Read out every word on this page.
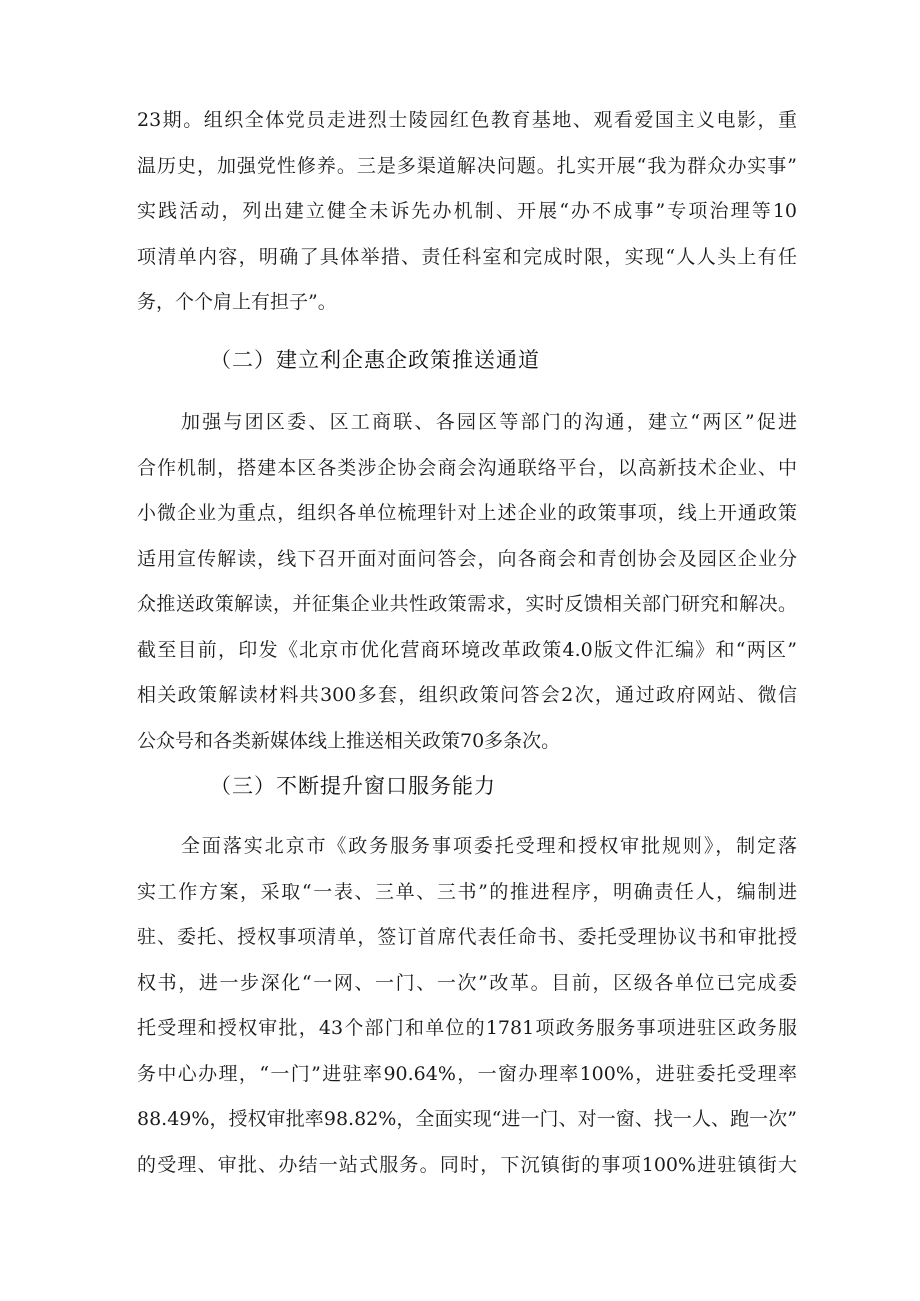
23期。组织全体党员走进烈士陵园红色教育基地、观看爱国主义电影，重
温历史，加强党性修养。三是多渠道解决问题。扎实开展“我为群众办实事”
实践活动，列出建立健全未诉先办机制、开展“办不成事”专项治理等10
项清单内容，明确了具体举措、责任科室和完成时限，实现“人人头上有任
务，个个肩上有担子”。
（二）建立利企惠企政策推送通道
加强与团区委、区工商联、各园区等部门的沟通，建立“两区”促进
合作机制，搭建本区各类涉企协会商会沟通联络平台，以高新技术企业、中
小微企业为重点，组织各单位梳理针对上述企业的政策事项，线上开通政策
适用宣传解读，线下召开面对面问答会，向各商会和青创协会及园区企业分
众推送政策解读，并征集企业共性政策需求，实时反馈相关部门研究和解决。
截至目前，印发《北京市优化营商环境改革政策4.0版文件汇编》和“两区”
相关政策解读材料共300多套，组织政策问答会2次，通过政府网站、微信
公众号和各类新媒体线上推送相关政策70多条次。
（三）不断提升窗口服务能力
全面落实北京市《政务服务事项委托受理和授权审批规则》，制定落
实工作方案，采取“一表、三单、三书”的推进程序，明确责任人，编制进
驻、委托、授权事项清单，签订首席代表任命书、委托受理协议书和审批授
权书，进一步深化“一网、一门、一次”改革。目前，区级各单位已完成委
托受理和授权审批，43个部门和单位的1781项政务服务事项进驻区政务服
务中心办理，“一门”进驻率90.64%，一窗办理率100%，进驻委托受理率
88.49%，授权审批率98.82%，全面实现“进一门、对一窗、找一人、跑一次”
的受理、审批、办结一站式服务。同时，下沉镇街的事项100%进驻镇街大
